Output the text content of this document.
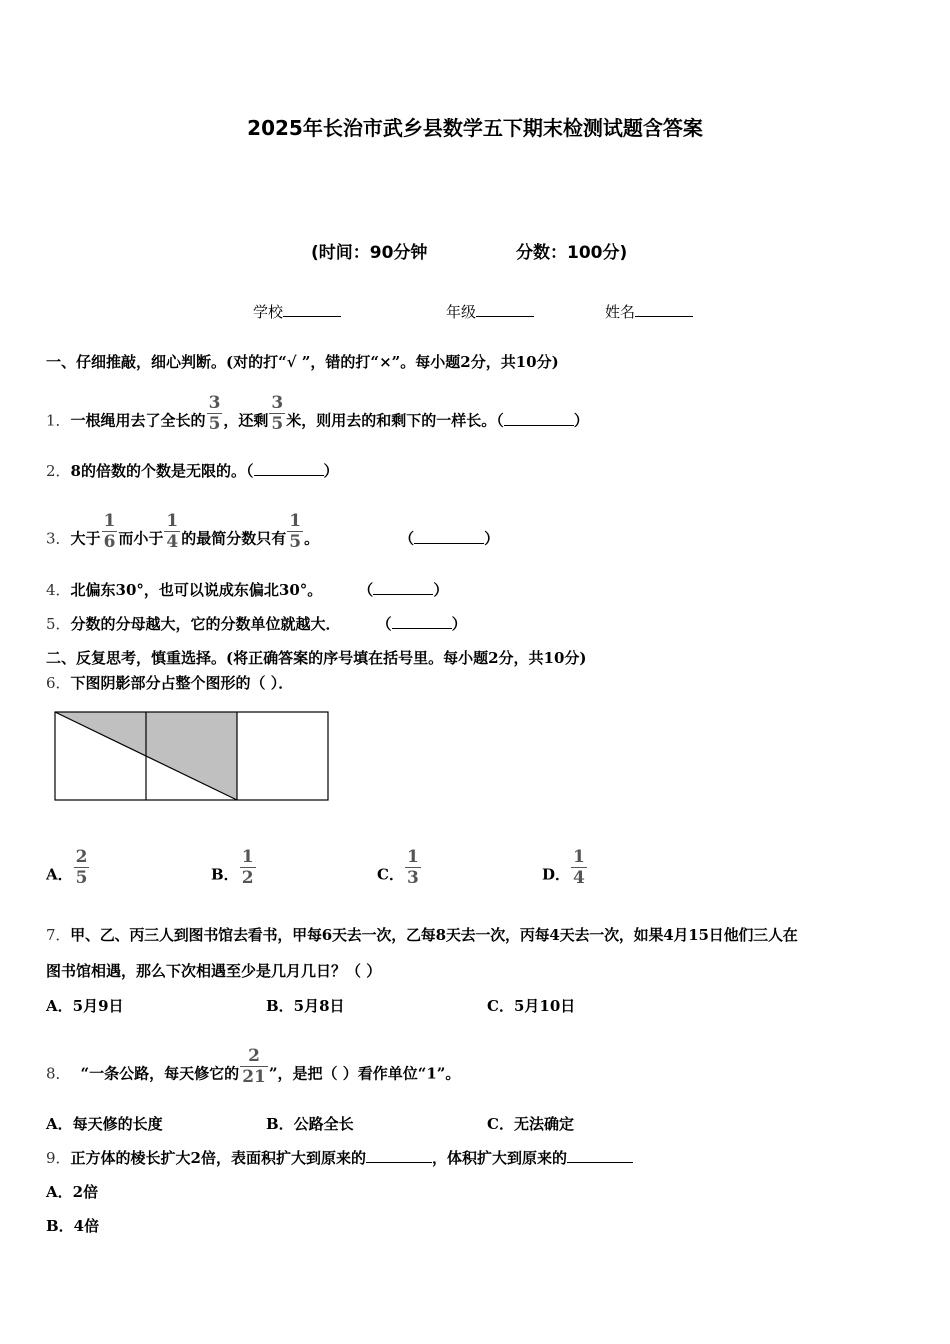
2025年长治市武乡县数学五下期末检测试题含答案
(时间：90分钟	分数：100分)
学校	年级	姓名
一、仔细推敲，细心判断。(对的打“√ ”，错的打“×”。每小题2分，共10分)
1．一根绳用去了全长的 $\frac{3}{5}$ ，还剩 $\frac{3}{5}$ 米，则用去的和剩下的一样长。（	）
2．8的倍数的个数是无限的。（	）
3．大于 $\frac{1}{6}$ 而小于 $\frac{1}{4}$ 的最简分数只有 $\frac{1}{5}$ 。	（	）
4．北偏东30°，也可以说成东偏北30°。 （	）
5．分数的分母越大，它的分数单位就越大． （	）
二、反复思考，慎重选择。(将正确答案的序号填在括号里。每小题2分，共10分)
6．下图阴影部分占整个图形的（ ）．
A． $\frac{2}{5}$	B． $\frac{1}{2}$	C． $\frac{1}{3}$	D． $\frac{1}{4}$
7．甲、乙、丙三人到图书馆去看书，甲每6天去一次，乙每8天去一次，丙每4天去一次，如果4月15日他们三人在
图书馆相遇，那么下次相遇至少是几月几日？（ ）
A．5月9日	B．5月8日	C．5月10日
8． “一条公路，每天修它的 $\frac{2}{21}$ ”，是把（ ）看作单位“1”。
A．每天修的长度	B．公路全长	C．无法确定
9．正方体的棱长扩大2倍，表面积扩大到原来的	，体积扩大到原来的
A．2倍
B．4倍
